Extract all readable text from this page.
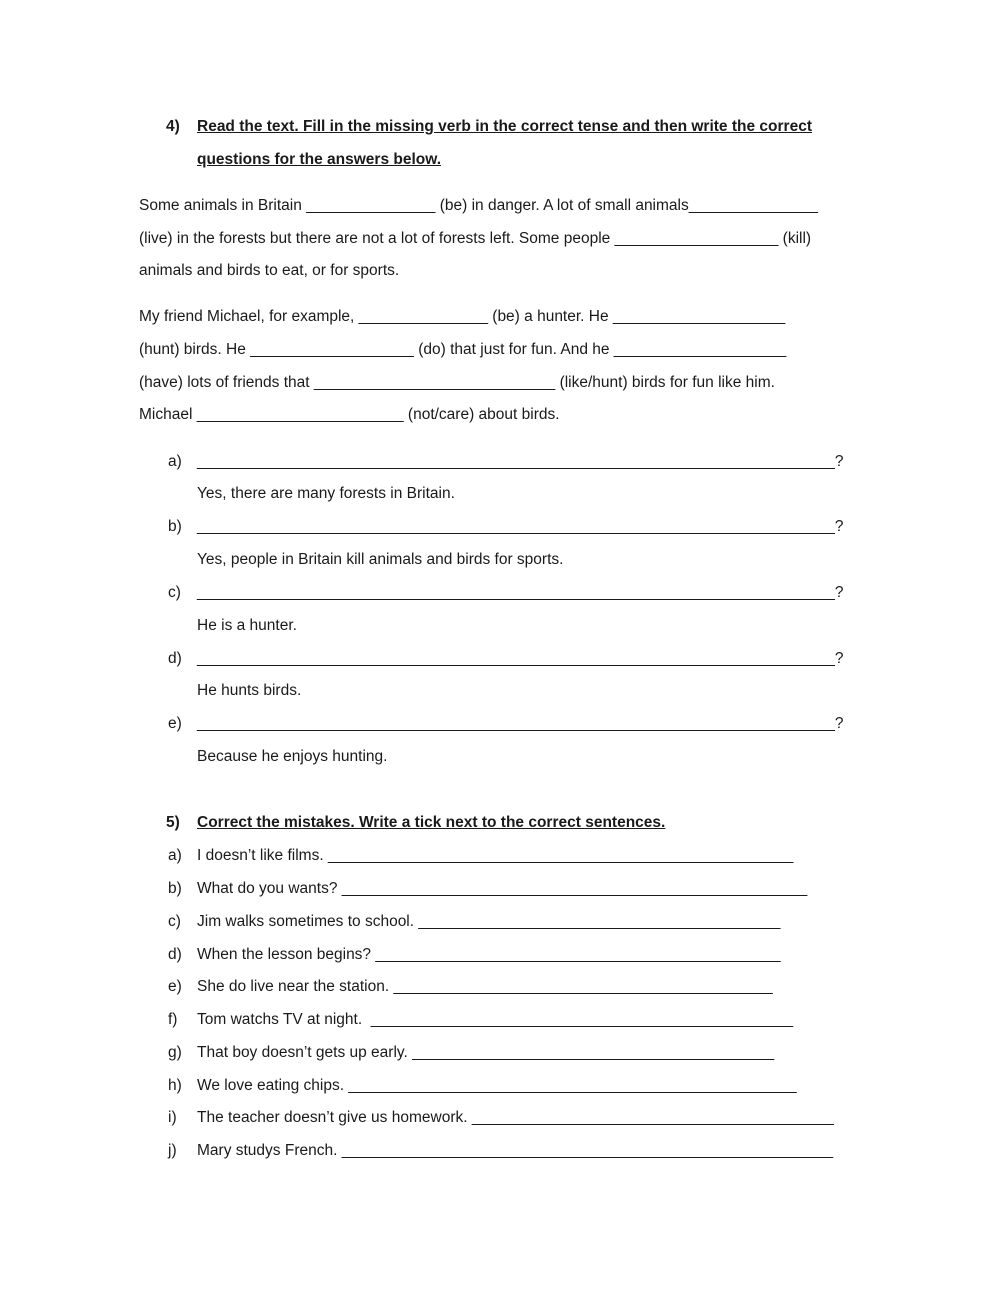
4) Read the text. Fill in the missing verb in the correct tense and then write the correct
questions for the answers below.
Some animals in Britain _______________ (be) in danger. A lot of small animals_______________
(live) in the forests but there are not a lot of forests left. Some people ___________________ (kill)
animals and birds to eat, or for sports.
My friend Michael, for example, _______________ (be) a hunter. He ____________________
(hunt) birds. He ___________________ (do) that just for fun. And he ____________________
(have) lots of friends that ____________________________ (like/hunt) birds for fun like him.
Michael ________________________ (not/care) about birds.
a) __________________________________________________________________________?
Yes, there are many forests in Britain.
b) __________________________________________________________________________?
Yes, people in Britain kill animals and birds for sports.
c) __________________________________________________________________________?
He is a hunter.
d) __________________________________________________________________________?
He hunts birds.
e) __________________________________________________________________________?
Because he enjoys hunting.
5) Correct the mistakes. Write a tick next to the correct sentences.
a) I doesn’t like films. ______________________________________________________
b) What do you wants? ______________________________________________________
c) Jim walks sometimes to school. __________________________________________
d) When the lesson begins? _______________________________________________
e) She do live near the station. ____________________________________________
f) Tom watchs TV at night.  _________________________________________________
g) That boy doesn’t gets up early. __________________________________________
h) We love eating chips. ____________________________________________________
i) The teacher doesn’t give us homework. __________________________________________
j) Mary studys French. _________________________________________________________
